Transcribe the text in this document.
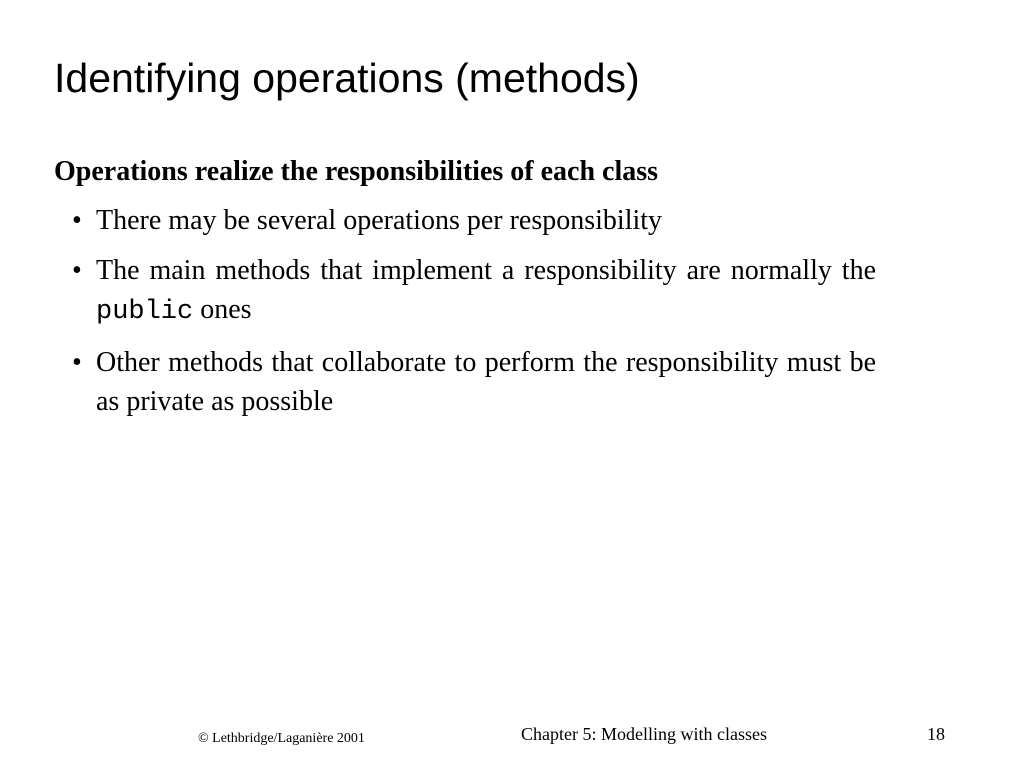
Identifying operations (methods)
Operations realize the responsibilities of each class
• There may be several operations per responsibility
• The main methods that implement a responsibility are normally the public ones
• Other methods that collaborate to perform the responsibility must be as private as possible
© Lethbridge/Laganière 2001	Chapter 5: Modelling with classes	18
